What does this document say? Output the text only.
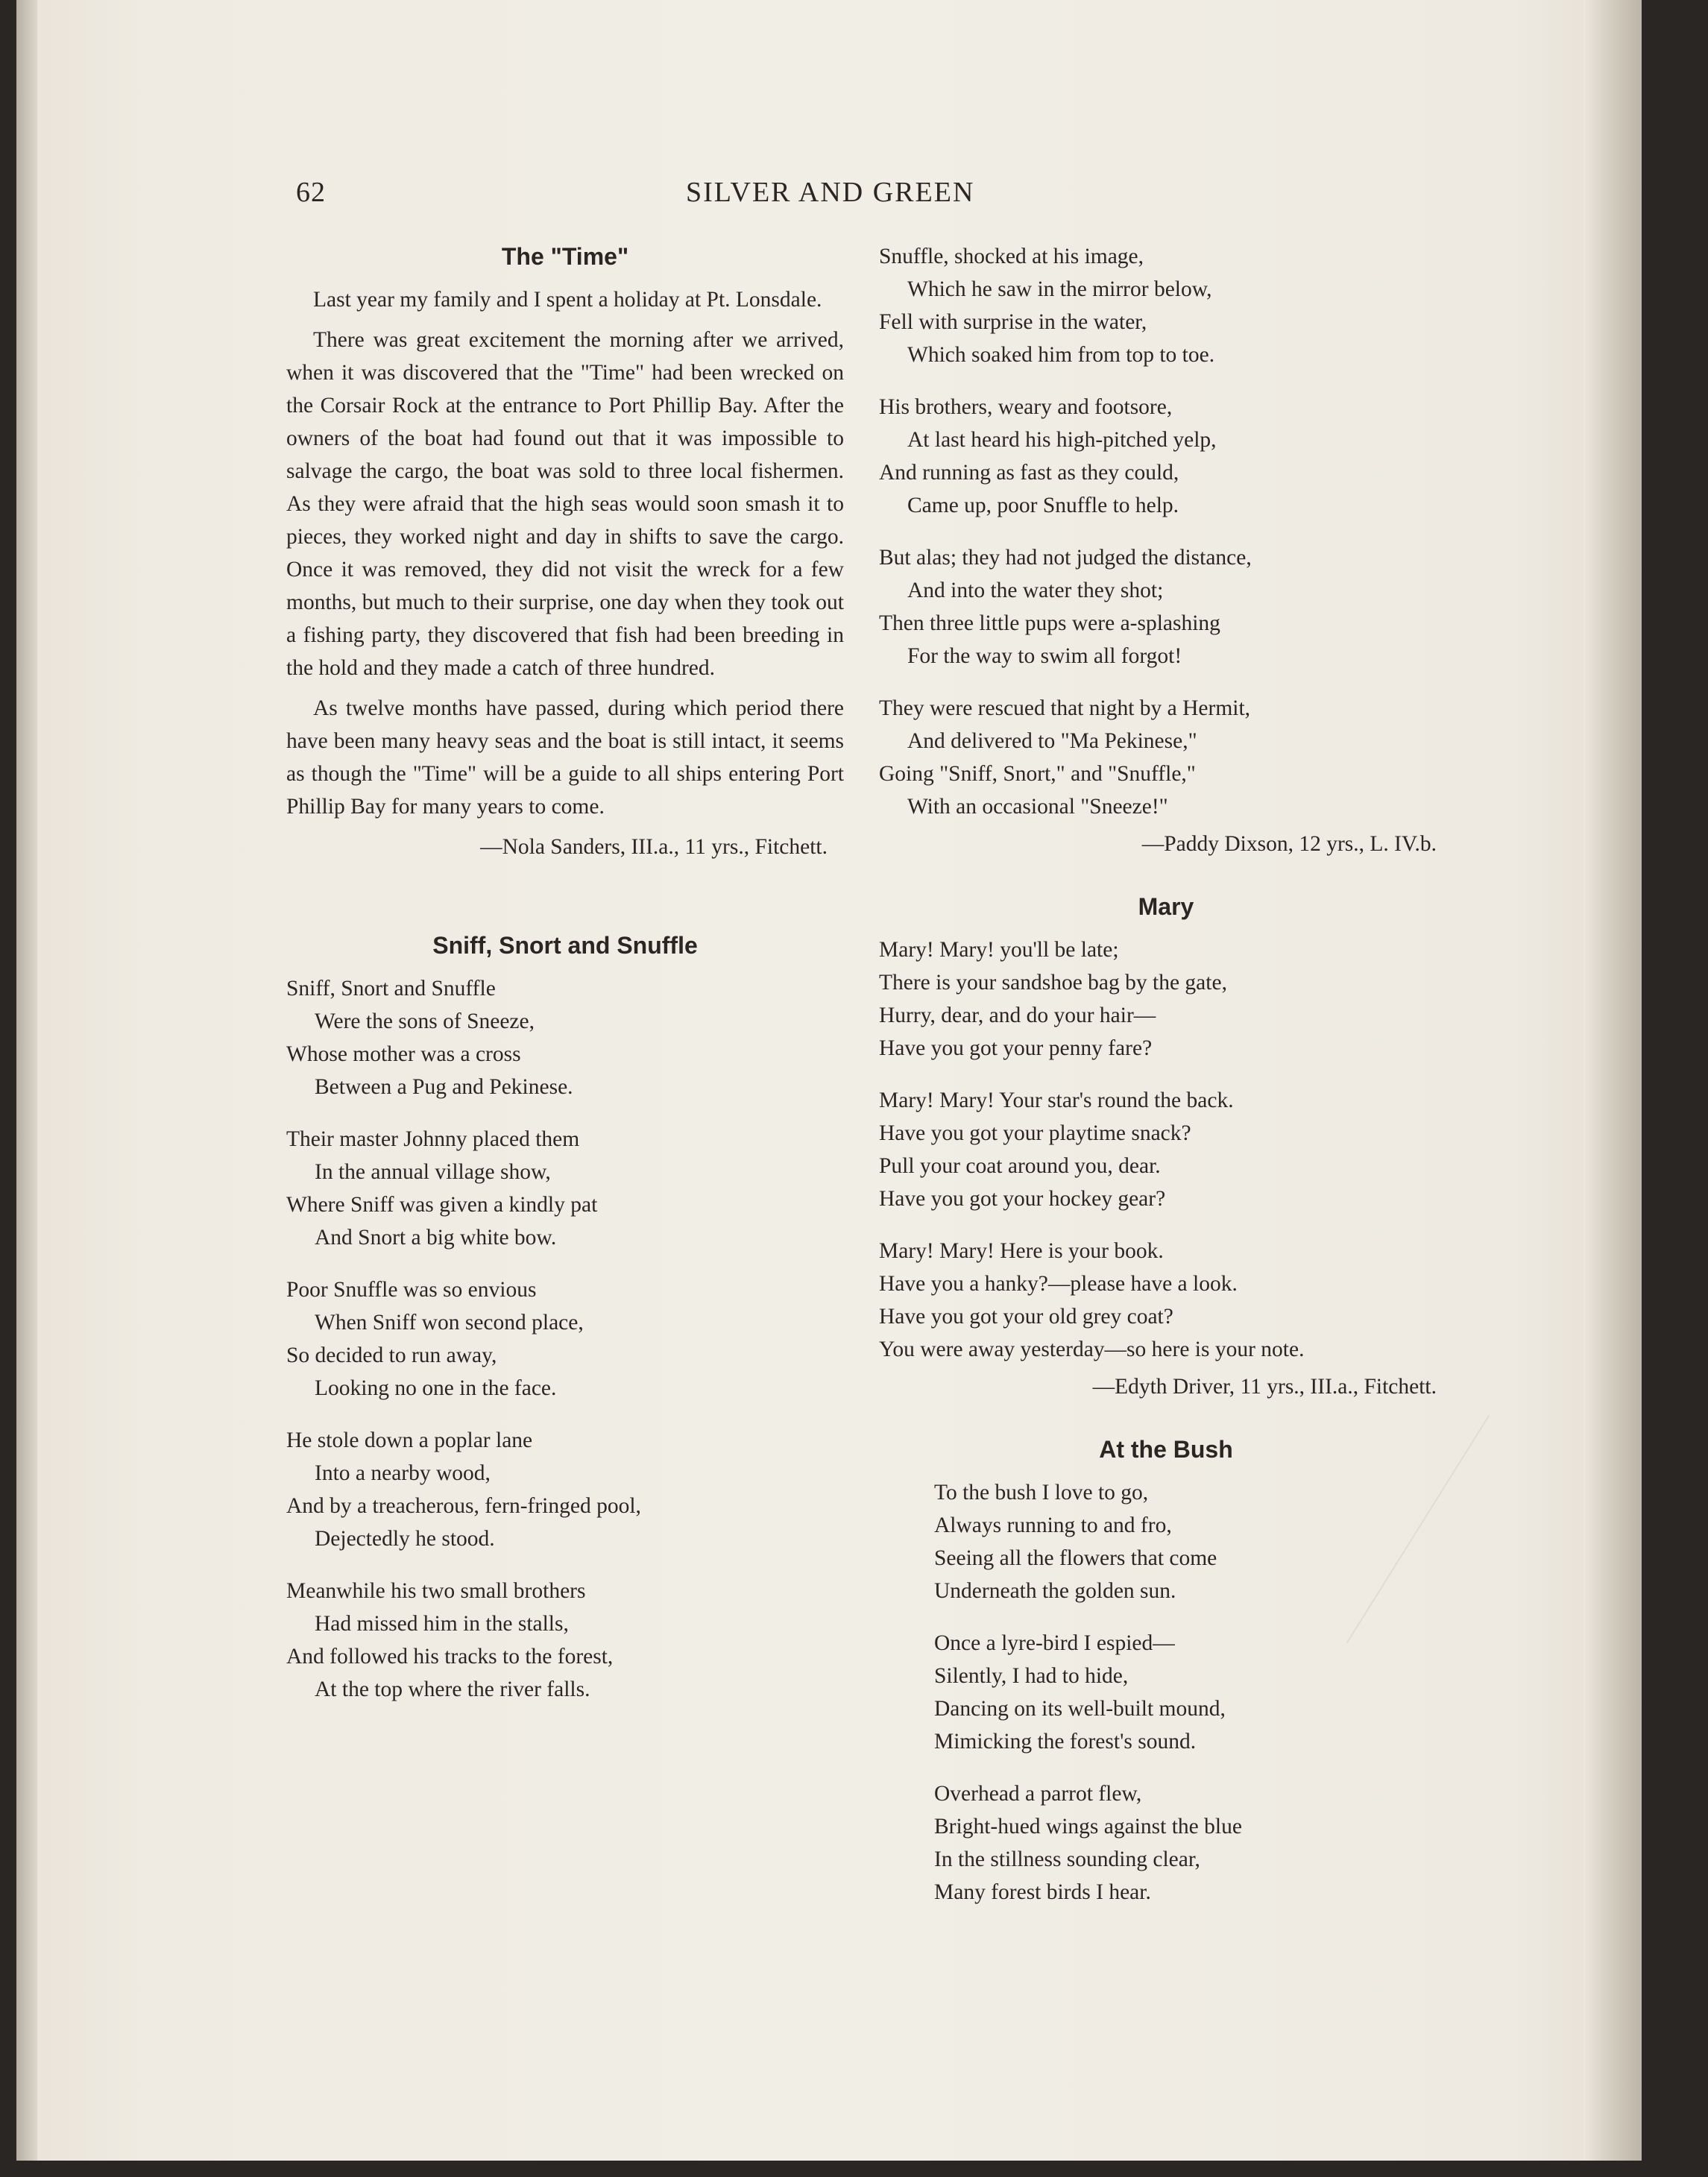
62	SILVER AND GREEN
The "Time"

Last year my family and I spent a holiday at Pt. Lonsdale.

There was great excitement the morning after we arrived, when it was discovered that the "Time" had been wrecked on the Corsair Rock at the entrance to Port Phillip Bay. After the owners of the boat had found out that it was impossible to salvage the cargo, the boat was sold to three local fishermen. As they were afraid that the high seas would soon smash it to pieces, they worked night and day in shifts to save the cargo. Once it was removed, they did not visit the wreck for a few months, but much to their surprise, one day when they took out a fishing party, they discovered that fish had been breeding in the hold and they made a catch of three hundred.

As twelve months have passed, during which period there have been many heavy seas and the boat is still intact, it seems as though the "Time" will be a guide to all ships entering Port Phillip Bay for many years to come.

—Nola Sanders, III.a., 11 yrs., Fitchett.
Sniff, Snort and Snuffle
Sniff, Snort and Snuffle
Were the sons of Sneeze,
Whose mother was a cross
Between a Pug and Pekinese.
Their master Johnny placed them
In the annual village show,
Where Sniff was given a kindly pat
And Snort a big white bow.
Poor Snuffle was so envious
When Sniff won second place,
So decided to run away,
Looking no one in the face.
He stole down a poplar lane
Into a nearby wood,
And by a treacherous, fern-fringed pool,
Dejectedly he stood.
Meanwhile his two small brothers
Had missed him in the stalls,
And followed his tracks to the forest,
At the top where the river falls.
Snuffle, shocked at his image,
Which he saw in the mirror below,
Fell with surprise in the water,
Which soaked him from top to toe.
His brothers, weary and footsore,
At last heard his high-pitched yelp,
And running as fast as they could,
Came up, poor Snuffle to help.
But alas; they had not judged the distance,
And into the water they shot;
Then three little pups were a-splashing
For the way to swim all forgot!
They were rescued that night by a Hermit,
And delivered to "Ma Pekinese,"
Going "Sniff, Snort," and "Snuffle,"
With an occasional "Sneeze!"
—Paddy Dixson, 12 yrs., L. IV.b.
Mary
Mary! Mary! you'll be late;
There is your sandshoe bag by the gate,
Hurry, dear, and do your hair—
Have you got your penny fare?
Mary! Mary! Your star's round the back.
Have you got your playtime snack?
Pull your coat around you, dear.
Have you got your hockey gear?
Mary! Mary! Here is your book.
Have you a hanky?—please have a look.
Have you got your old grey coat?
You were away yesterday—so here is your note.
—Edyth Driver, 11 yrs., III.a., Fitchett.
At the Bush
To the bush I love to go,
Always running to and fro,
Seeing all the flowers that come
Underneath the golden sun.
Once a lyre-bird I espied—
Silently, I had to hide,
Dancing on its well-built mound,
Mimicking the forest's sound.
Overhead a parrot flew,
Bright-hued wings against the blue
In the stillness sounding clear,
Many forest birds I hear.
